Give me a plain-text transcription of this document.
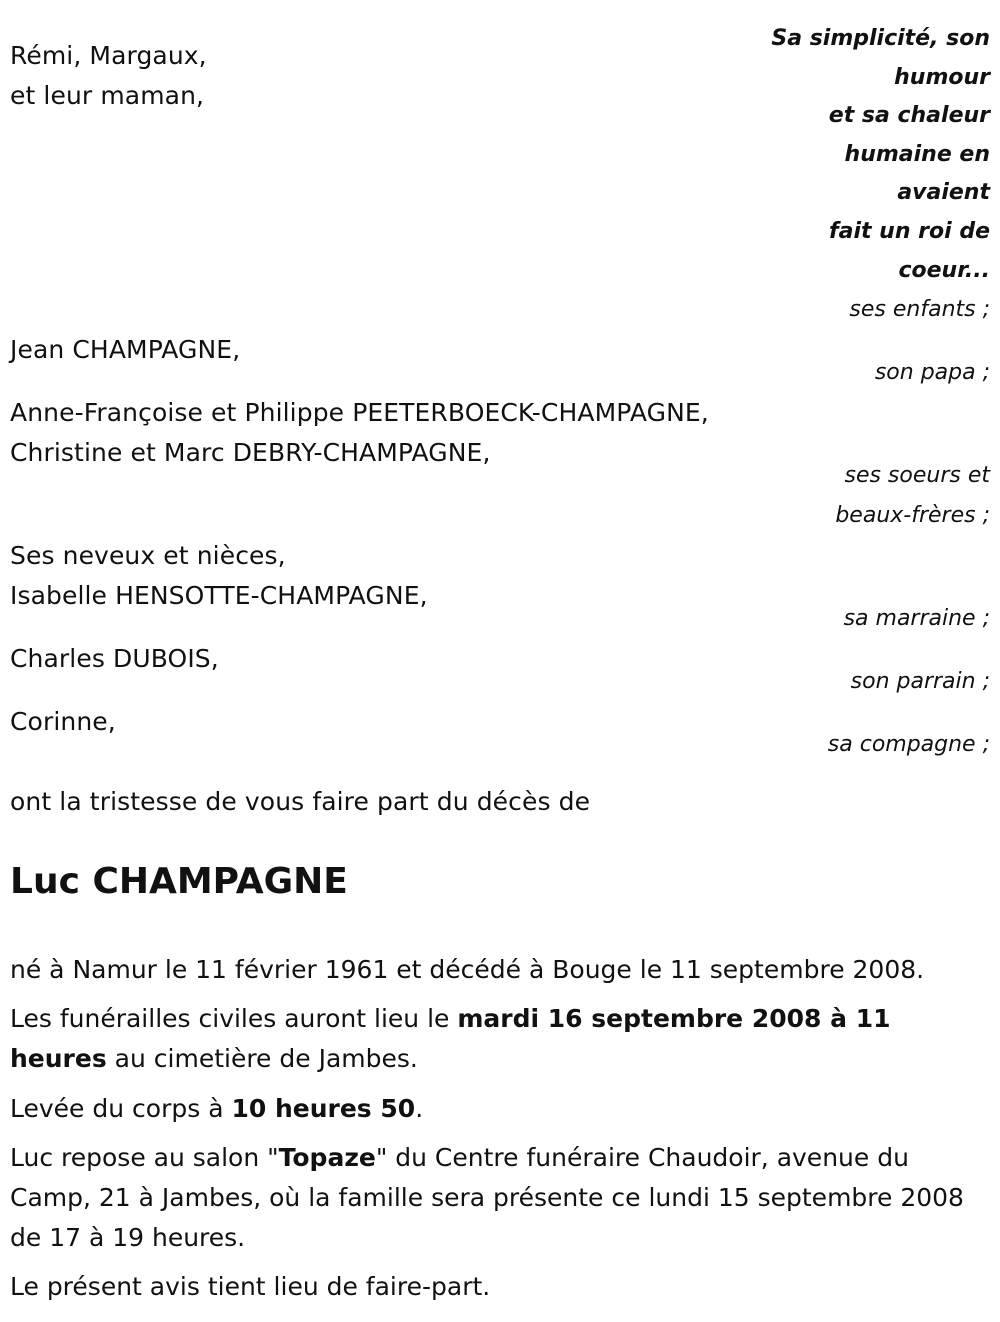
Sa simplicité, son
humour
et sa chaleur
humaine en
avaient
fait un roi de
coeur...
Rémi, Margaux,
et leur maman,
ses enfants ;
Jean CHAMPAGNE,
son papa ;
Anne-Françoise et Philippe PEETERBOECK-CHAMPAGNE,
Christine et Marc DEBRY-CHAMPAGNE,
ses soeurs et
beaux-frères ;
Ses neveux et nièces,
Isabelle HENSOTTE-CHAMPAGNE,
sa marraine ;
Charles DUBOIS,
son parrain ;
Corinne,
sa compagne ;
ont la tristesse de vous faire part du décès de
Luc CHAMPAGNE
né à Namur le 11 février 1961 et décédé à Bouge le 11 septembre 2008.
Les funérailles civiles auront lieu le mardi 16 septembre 2008 à 11 heures au cimetière de Jambes.
Levée du corps à 10 heures 50.
Luc repose au salon "Topaze" du Centre funéraire Chaudoir, avenue du Camp, 21 à Jambes, où la famille sera présente ce lundi 15 septembre 2008 de 17 à 19 heures.
Le présent avis tient lieu de faire-part.
